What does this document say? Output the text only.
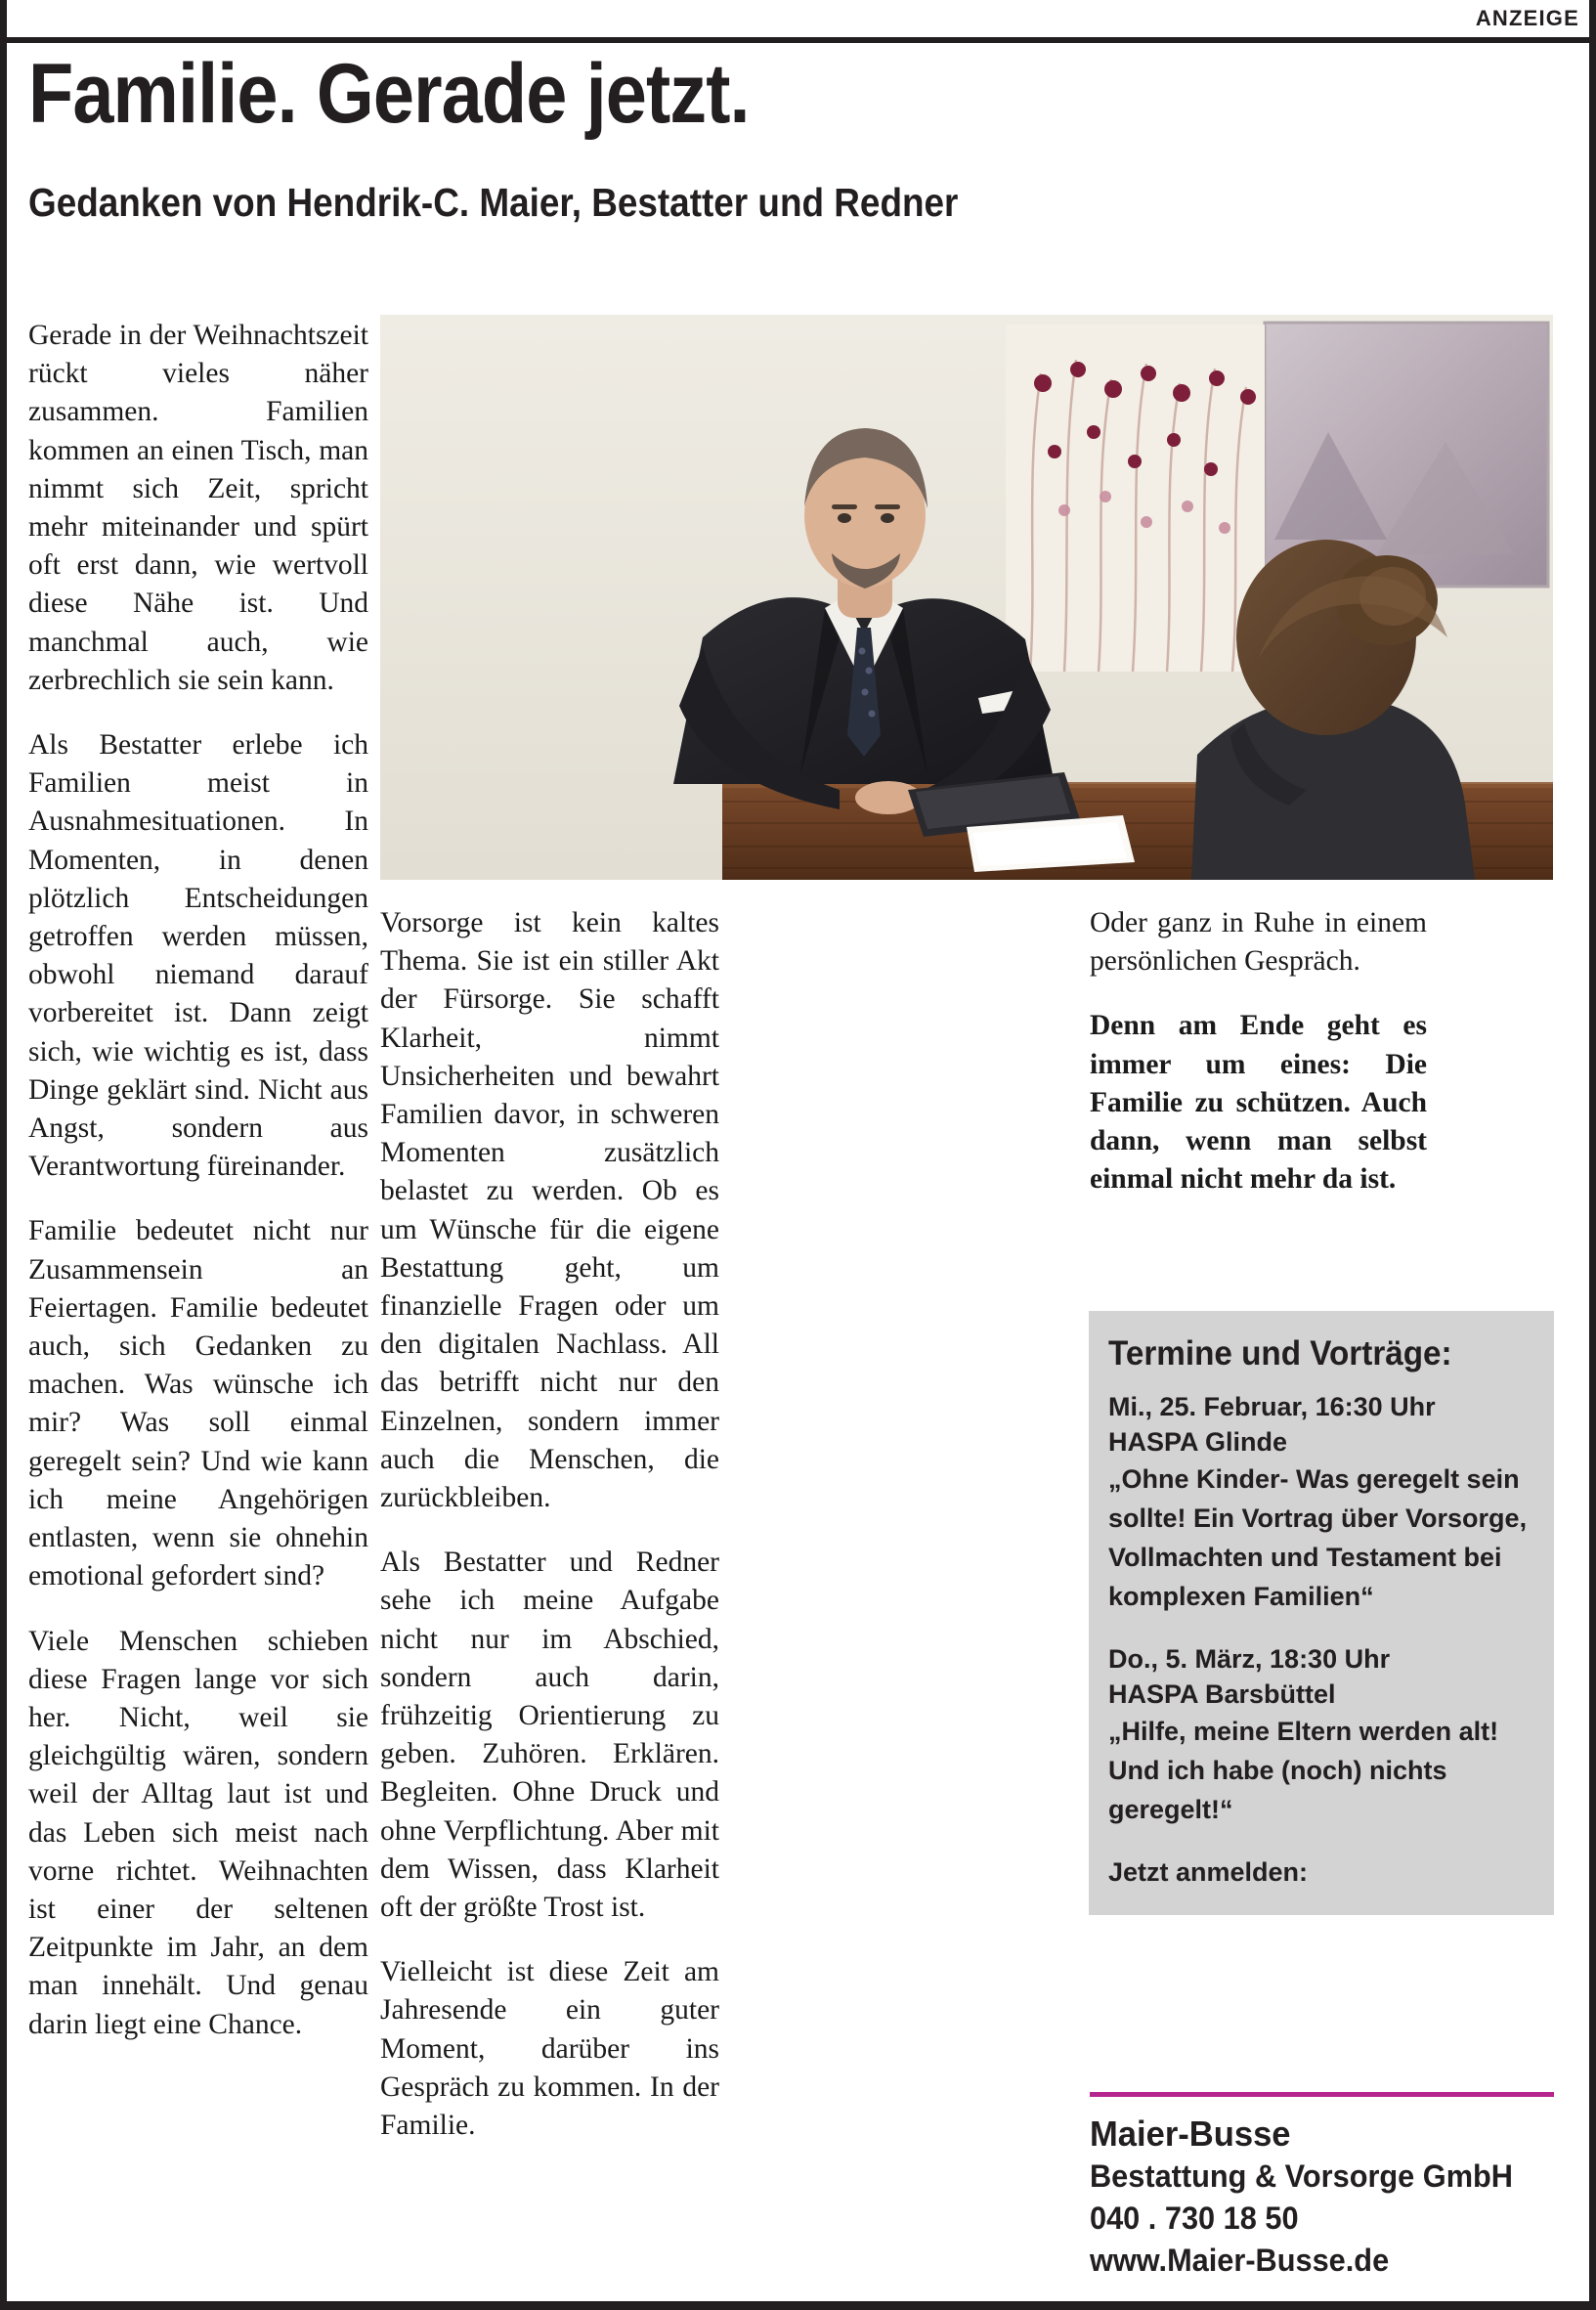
ANZEIGE
Familie. Gerade jetzt.
Gedanken von Hendrik-C. Maier, Bestatter und Redner

Gerade in der Weihnachtszeit rückt vieles näher zusammen. Familien kommen an einen Tisch, man nimmt sich Zeit, spricht mehr miteinander und spürt oft erst dann, wie wertvoll diese Nähe ist. Und manchmal auch, wie zerbrechlich sie sein kann.

Als Bestatter erlebe ich Familien meist in Ausnahmesituationen. In Momenten, in denen plötzlich Entscheidungen getroffen werden müssen, obwohl niemand darauf vorbereitet ist. Dann zeigt sich, wie wichtig es ist, dass Dinge geklärt sind. Nicht aus Angst, sondern aus Verantwortung füreinander.

Familie bedeutet nicht nur Zusammensein an Feiertagen. Familie bedeutet auch, sich Gedanken zu machen. Was wünsche ich mir? Was soll einmal geregelt sein? Und wie kann ich meine Angehörigen entlasten, wenn sie ohnehin emotional gefordert sind?

Viele Menschen schieben diese Fragen lange vor sich her. Nicht, weil sie gleichgültig wären, sondern weil der Alltag laut ist und das Leben sich meist nach vorne richtet. Weihnachten ist einer der seltenen Zeitpunkte im Jahr, an dem man innehält. Und genau darin liegt eine Chance.

Vorsorge ist kein kaltes Thema. Sie ist ein stiller Akt der Fürsorge. Sie schafft Klarheit, nimmt Unsicherheiten und bewahrt Familien davor, in schweren Momenten zusätzlich belastet zu werden. Ob es um Wünsche für die eigene Bestattung geht, um finanzielle Fragen oder um den digitalen Nachlass. All das betrifft nicht nur den Einzelnen, sondern immer auch die Menschen, die zurückbleiben.

Als Bestatter und Redner sehe ich meine Aufgabe nicht nur im Abschied, sondern auch darin, frühzeitig Orientierung zu geben. Zuhören. Erklären. Begleiten. Ohne Druck und ohne Verpflichtung. Aber mit dem Wissen, dass Klarheit oft der größte Trost ist.

Vielleicht ist diese Zeit am Jahresende ein guter Moment, darüber ins Gespräch zu kommen. In der Familie.

Oder ganz in Ruhe in einem persönlichen Gespräch.

Denn am Ende geht es immer um eines: Die Familie zu schützen. Auch dann, wenn man selbst einmal nicht mehr da ist.

Termine und Vorträge:
Mi., 25. Februar, 16:30 Uhr
HASPA Glinde
„Ohne Kinder- Was geregelt sein sollte! Ein Vortrag über Vorsorge, Vollmachten und Testament bei komplexen Familien“
Do., 5. März, 18:30 Uhr
HASPA Barsbüttel
„Hilfe, meine Eltern werden alt! Und ich habe (noch) nichts geregelt!“
Jetzt anmelden:
Maier-Busse
Bestattung & Vorsorge GmbH
040 . 730 18 50
www.Maier-Busse.de
